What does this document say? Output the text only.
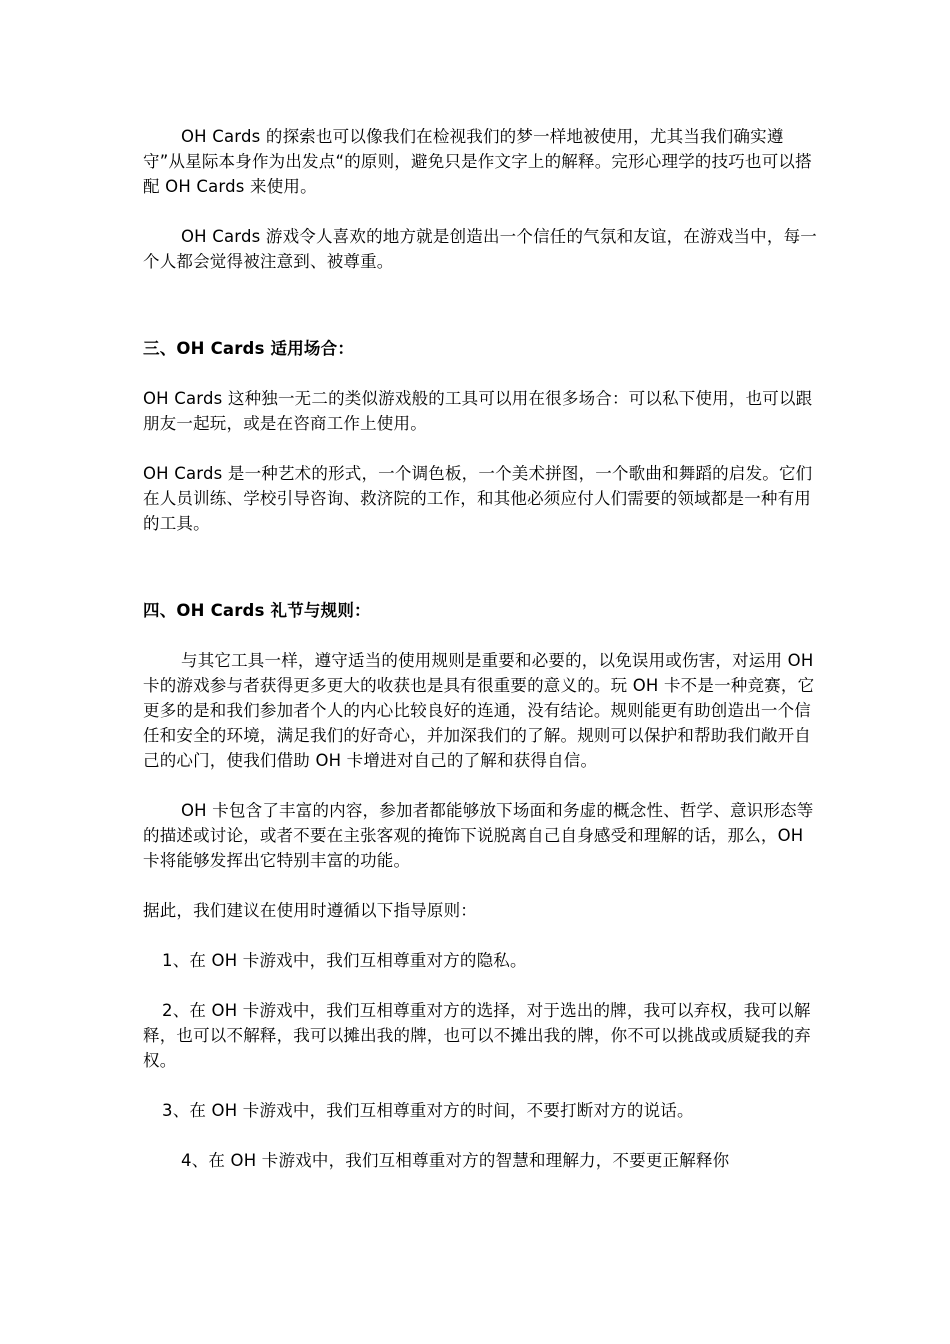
OH Cards 的探索也可以像我们在检视我们的梦一样地被使用，尤其当我们确实遵守”从星际本身作为出发点“的原则，避免只是作文字上的解释。完形心理学的技巧也可以搭配 OH Cards 来使用。

OH Cards 游戏令人喜欢的地方就是创造出一个信任的气氛和友谊，在游戏当中，每一个人都会觉得被注意到、被尊重。

三、OH Cards 适用场合：

OH Cards 这种独一无二的类似游戏般的工具可以用在很多场合：可以私下使用，也可以跟朋友一起玩，或是在咨商工作上使用。

OH Cards 是一种艺术的形式，一个调色板，一个美术拼图，一个歌曲和舞蹈的启发。它们在人员训练、学校引导咨询、救济院的工作，和其他必须应付人们需要的领域都是一种有用的工具。

四、OH Cards 礼节与规则：

与其它工具一样，遵守适当的使用规则是重要和必要的，以免误用或伤害，对运用 OH 卡的游戏参与者获得更多更大的收获也是具有很重要的意义的。玩 OH 卡不是一种竞赛，它更多的是和我们参加者个人的内心比较良好的连通，没有结论。规则能更有助创造出一个信任和安全的环境，满足我们的好奇心，并加深我们的了解。规则可以保护和帮助我们敞开自己的心门，使我们借助 OH 卡增进对自己的了解和获得自信。

OH 卡包含了丰富的内容，参加者都能够放下场面和务虚的概念性、哲学、意识形态等的描述或讨论，或者不要在主张客观的掩饰下说脱离自己自身感受和理解的话，那么，OH 卡将能够发挥出它特别丰富的功能。

据此，我们建议在使用时遵循以下指导原则：

1、在 OH 卡游戏中，我们互相尊重对方的隐私。

2、在 OH 卡游戏中，我们互相尊重对方的选择，对于选出的牌，我可以弃权，我可以解释，也可以不解释，我可以摊出我的牌，也可以不摊出我的牌，你不可以挑战或质疑我的弃权。

3、在 OH 卡游戏中，我们互相尊重对方的时间，不要打断对方的说话。

4、在 OH 卡游戏中，我们互相尊重对方的智慧和理解力，不要更正解释你
